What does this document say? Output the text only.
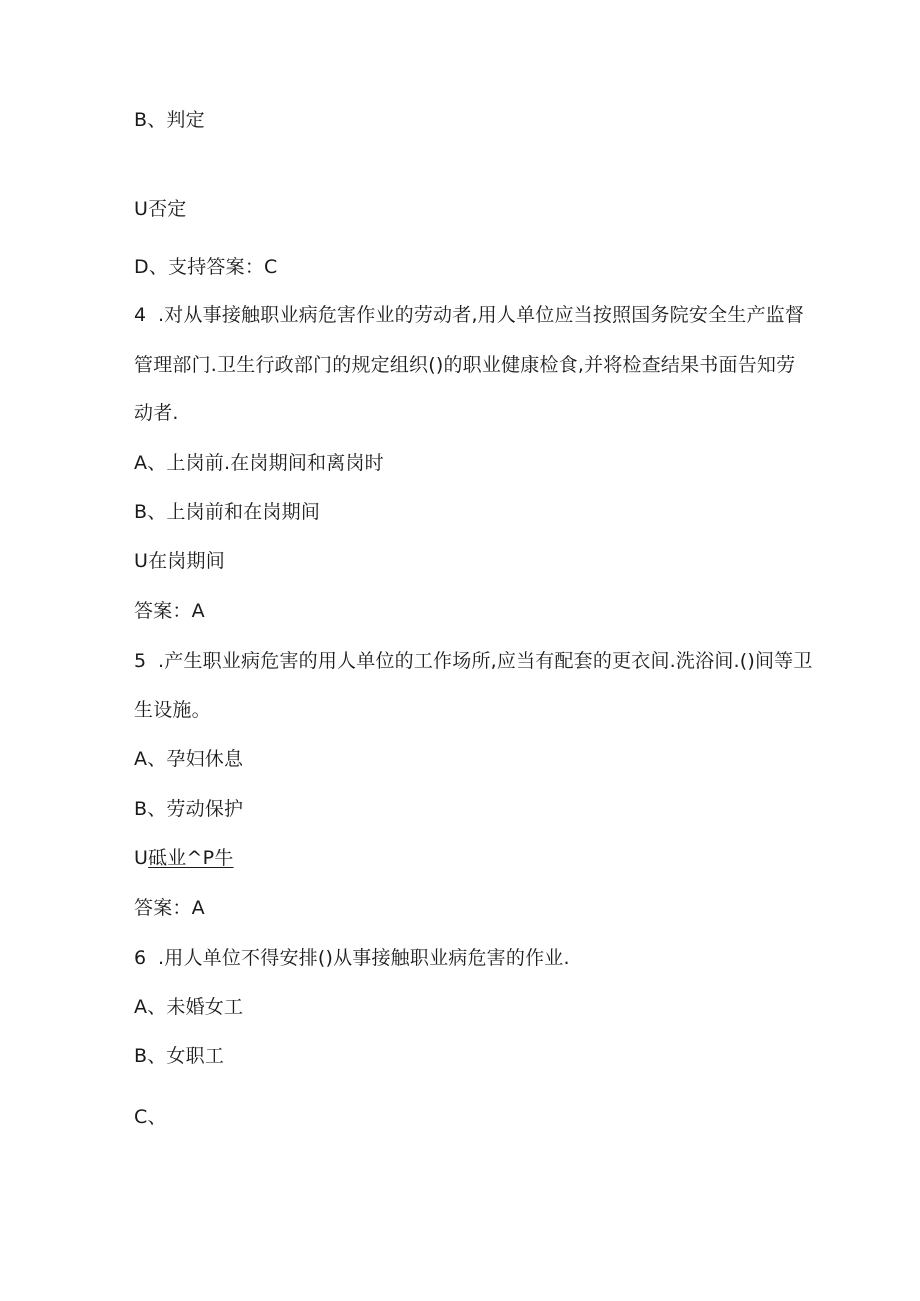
B、判定
U否定
D、支持答案：C
4 .对从事接触职业病危害作业的劳动者,用人单位应当按照国务院安全生产监督
管理部门.卫生行政部门的规定组织()的职业健康检食,并将检查结果书面告知劳
动者.
A、上岗前.在岗期间和离岗时
B、上岗前和在岗期间
U在岗期间
答案：A
5 .产生职业病危害的用人单位的工作场所,应当有配套的更衣间.洗浴间.()间等卫
生设施。
A、孕妇休息
B、劳动保护
U砥业^P牛
答案：A
6 .用人单位不得安排()从事接触职业病危害的作业.
A、未婚女工
B、女职工
C、
